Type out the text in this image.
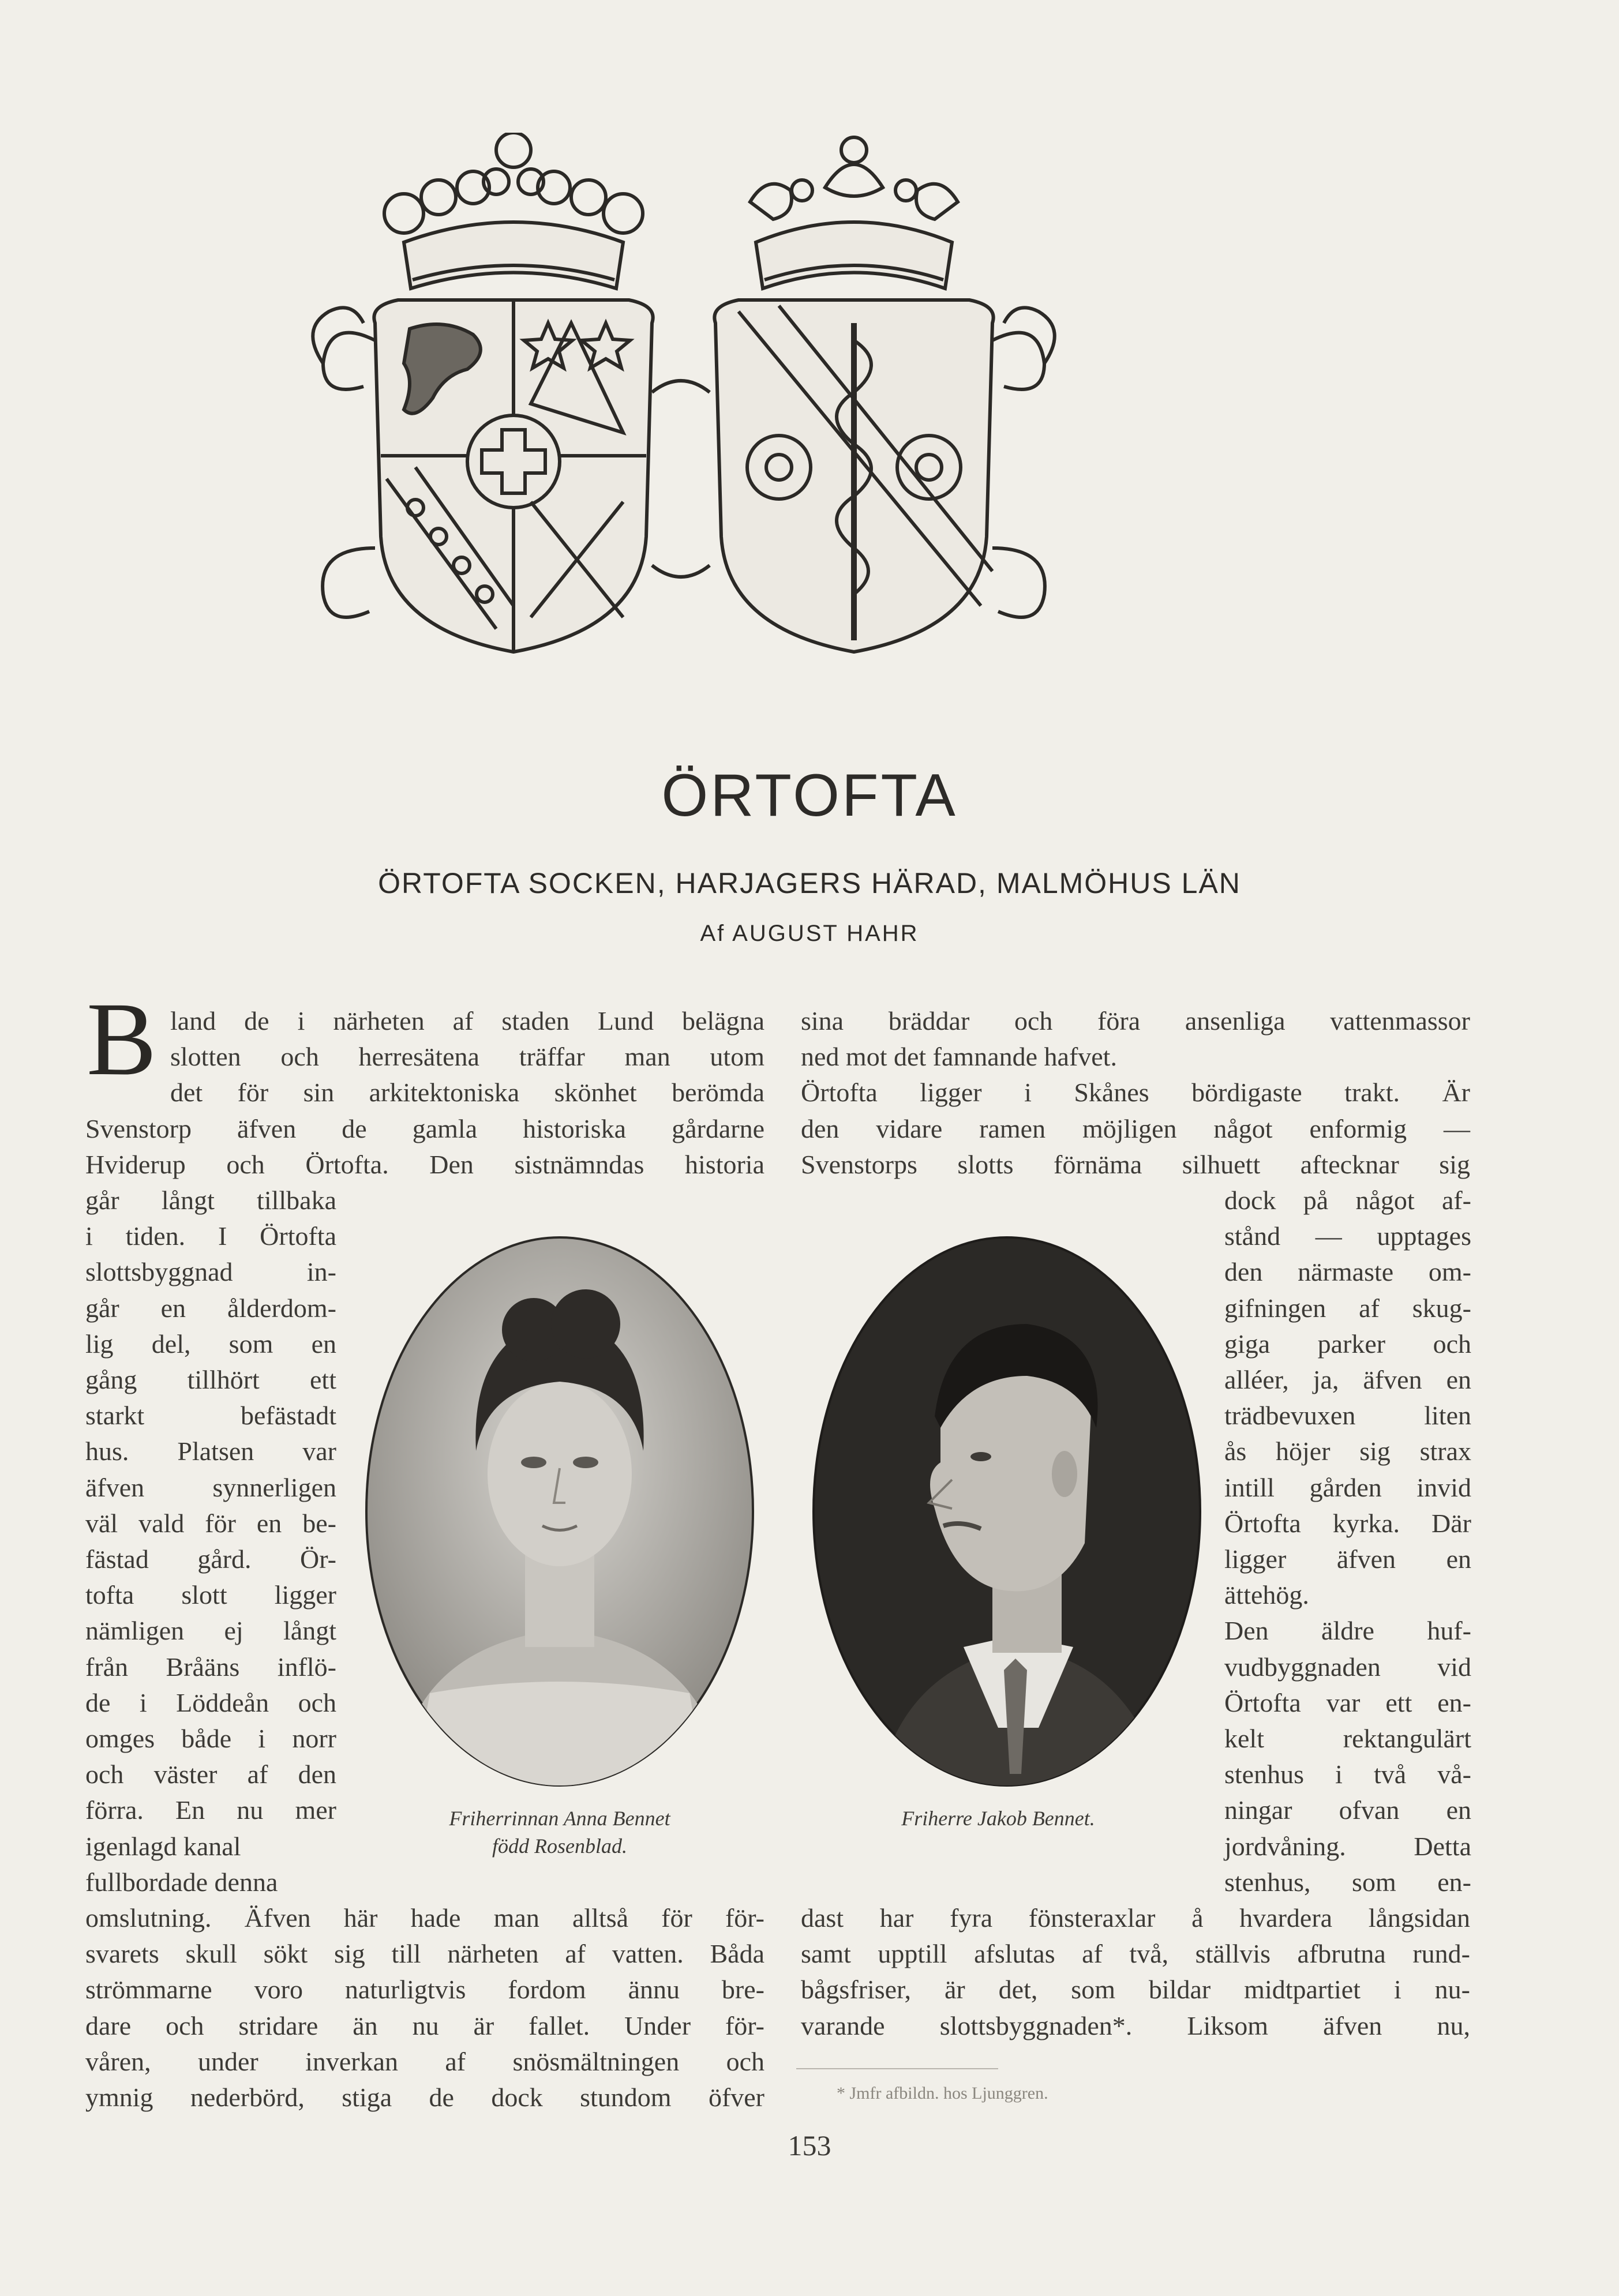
ÖRTOFTA
ÖRTOFTA SOCKEN, HARJAGERS HÄRAD, MALMÖHUS LÄN
Af AUGUST HAHR
B land de i närheten af staden Lund belägna
slotten och herresätena träffar man utom
det för sin arkitektoniska skönhet berömda
Svenstorp äfven de gamla historiska gårdarne
Hviderup och Örtofta. Den sistnämndas historia
går långt tillbaka
i tiden. I Örtofta
slottsbyggnad in-
går en ålderdom-
lig del, som en
gång tillhört ett
starkt befästadt
hus. Platsen var
äfven synnerligen
väl vald för en be-
fästad gård. Ör-
tofta slott ligger
nämligen ej långt
från Bråäns inflö-
de i Löddeån och
omges både i norr
och väster af den
förra. En nu mer
igenlagd kanal
fullbordade denna
omslutning. Äfven här hade man alltså för för-
svarets skull sökt sig till närheten af vatten. Båda
strömmarne voro naturligtvis fordom ännu bre-
dare och stridare än nu är fallet. Under för-
våren, under inverkan af snösmältningen och
ymnig nederbörd, stiga de dock stundom öfver
sina bräddar och föra ansenliga vattenmassor
ned mot det famnande hafvet.
Örtofta ligger i Skånes bördigaste trakt. Är
den vidare ramen möjligen något enformig —
Svenstorps slotts förnäma silhuett aftecknar sig
dock på något af-
stånd — upptages
den närmaste om-
gifningen af skug-
giga parker och
alléer, ja, äfven en
trädbevuxen liten
ås höjer sig strax
intill gården invid
Örtofta kyrka. Där
ligger äfven en
ättehög.
Den äldre huf-
vudbyggnaden vid
Örtofta var ett en-
kelt rektangulärt
stenhus i två vå-
ningar ofvan en
jordvåning. Detta
stenhus, som en-
dast har fyra fönsteraxlar å hvardera långsidan
samt upptill afslutas af två, ställvis afbrutna rund-
bågsfriser, är det, som bildar midtpartiet i nu-
varande slottsbyggnaden*. Liksom äfven nu,
Friherrinnan Anna Bennet
född Rosenblad.
Friherre Jakob Bennet.
* Jmfr afbildn. hos Ljunggren.
153
